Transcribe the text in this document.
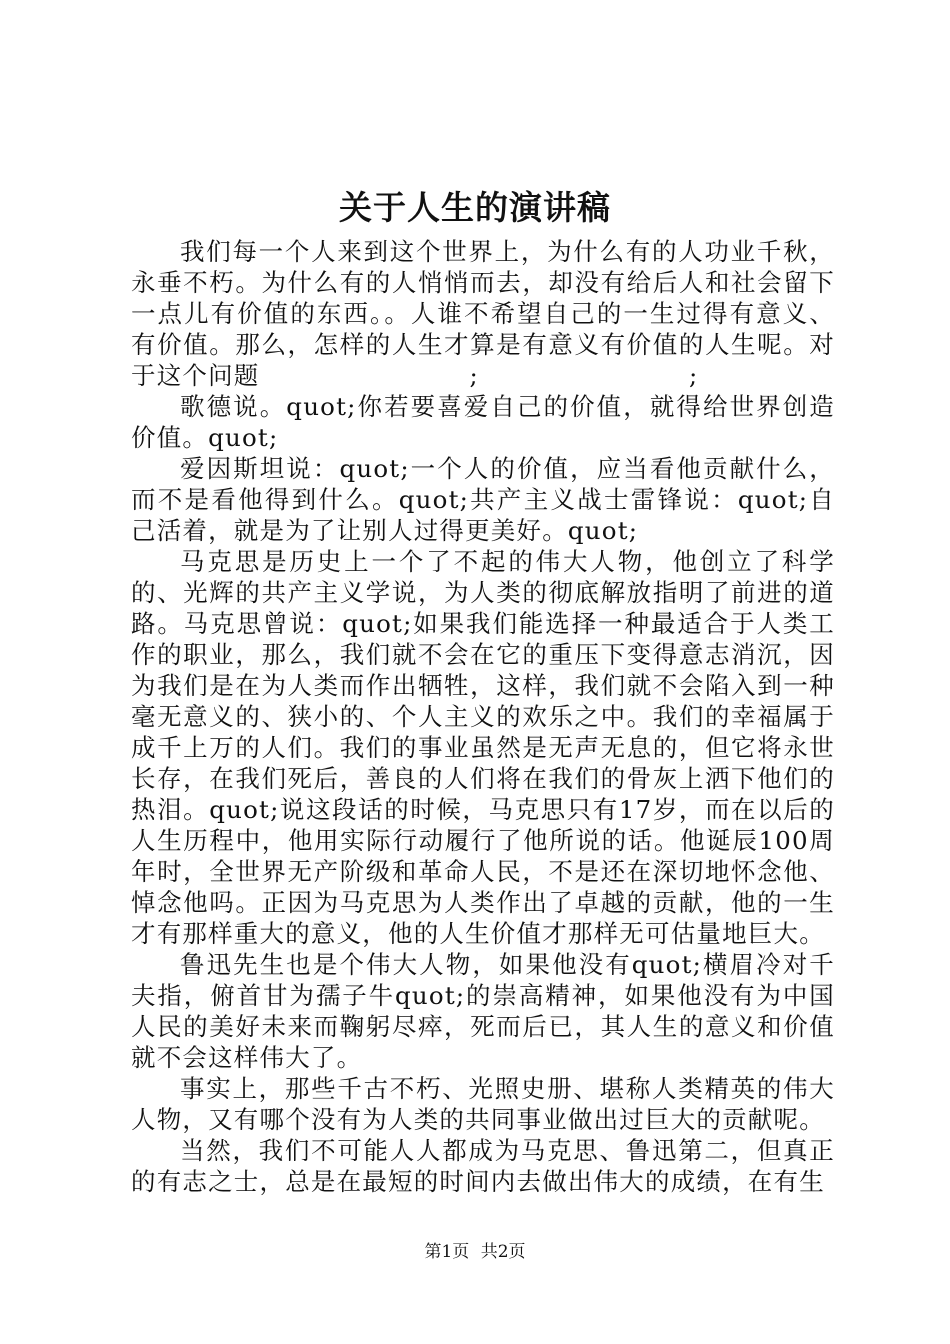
关于人生的演讲稿

我们每一个人来到这个世界上，为什么有的人功业千秋，永垂不朽。为什么有的人悄悄而去，却没有给后人和社会留下一点儿有价值的东西。。人谁不希望自己的一生过得有意义、有价值。那么，怎样的人生才算是有意义有价值的人生呢。对于这个问题	;	;

歌德说。quot;你若要喜爱自己的价值，就得给世界创造价值。quot;

爱因斯坦说：quot;一个人的价值，应当看他贡献什么，而不是看他得到什么。quot;共产主义战士雷锋说：quot;自己活着，就是为了让别人过得更美好。quot;

马克思是历史上一个了不起的伟大人物，他创立了科学的、光辉的共产主义学说，为人类的彻底解放指明了前进的道路。马克思曾说：quot;如果我们能选择一种最适合于人类工作的职业，那么，我们就不会在它的重压下变得意志消沉，因为我们是在为人类而作出牺牲，这样，我们就不会陷入到一种毫无意义的、狭小的、个人主义的欢乐之中。我们的幸福属于成千上万的人们。我们的事业虽然是无声无息的，但它将永世长存，在我们死后，善良的人们将在我们的骨灰上洒下他们的热泪。quot;说这段话的时候，马克思只有17岁，而在以后的人生历程中，他用实际行动履行了他所说的话。他诞辰100周年时，全世界无产阶级和革命人民，不是还在深切地怀念他、悼念他吗。正因为马克思为人类作出了卓越的贡献，他的一生才有那样重大的意义，他的人生价值才那样无可估量地巨大。

鲁迅先生也是个伟大人物，如果他没有quot;横眉冷对千夫指，俯首甘为孺子牛quot;的崇高精神，如果他没有为中国人民的美好未来而鞠躬尽瘁，死而后已，其人生的意义和价值就不会这样伟大了。

事实上，那些千古不朽、光照史册、堪称人类精英的伟大人物，又有哪个没有为人类的共同事业做出过巨大的贡献呢。

当然，我们不可能人人都成为马克思、鲁迅第二，但真正的有志之士，总是在最短的时间内去做出伟大的成绩，在有生

第1页 共2页
